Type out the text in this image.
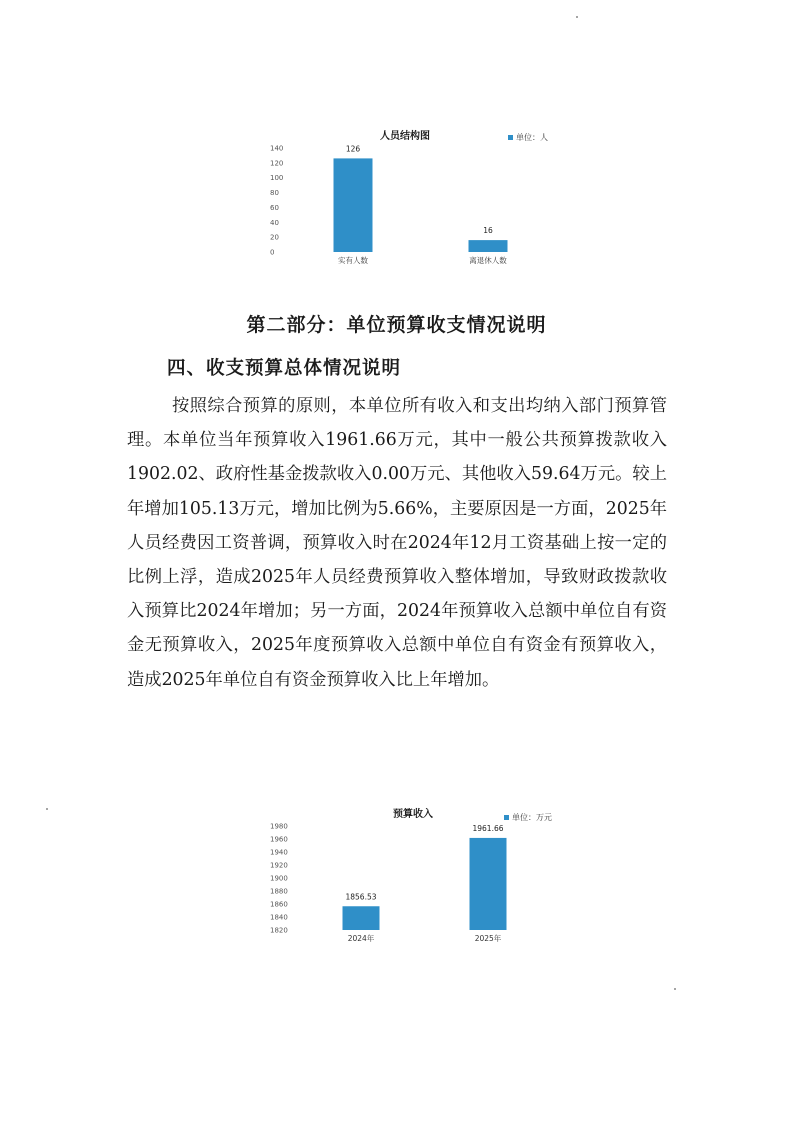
人员结构图	单位：人
0
20
40
60
80
100
120
140	126
实有人数
16
离退休人数
第二部分：单位预算收支情况说明
四、收支预算总体情况说明

按照综合预算的原则，本单位所有收入和支出均纳入部门预算管理。本单位当年预算收入1961.66万元，其中一般公共预算拨款收入1902.02、政府性基金拨款收入0.00万元、其他收入59.64万元。较上年增加105.13万元，增加比例为5.66%，主要原因是一方面，2025年人员经费因工资普调，预算收入时在2024年12月工资基础上按一定的比例上浮，造成2025年人员经费预算收入整体增加，导致财政拨款收入预算比2024年增加；另一方面，2024年预算收入总额中单位自有资金无预算收入，2025年度预算收入总额中单位自有资金有预算收入，造成2025年单位自有资金预算收入比上年增加。

预算收入	单位：万元
1820
1840
1860
1880
1900
1920
1940
1960
1980
1856.53
2024年
1961.66
2025年
